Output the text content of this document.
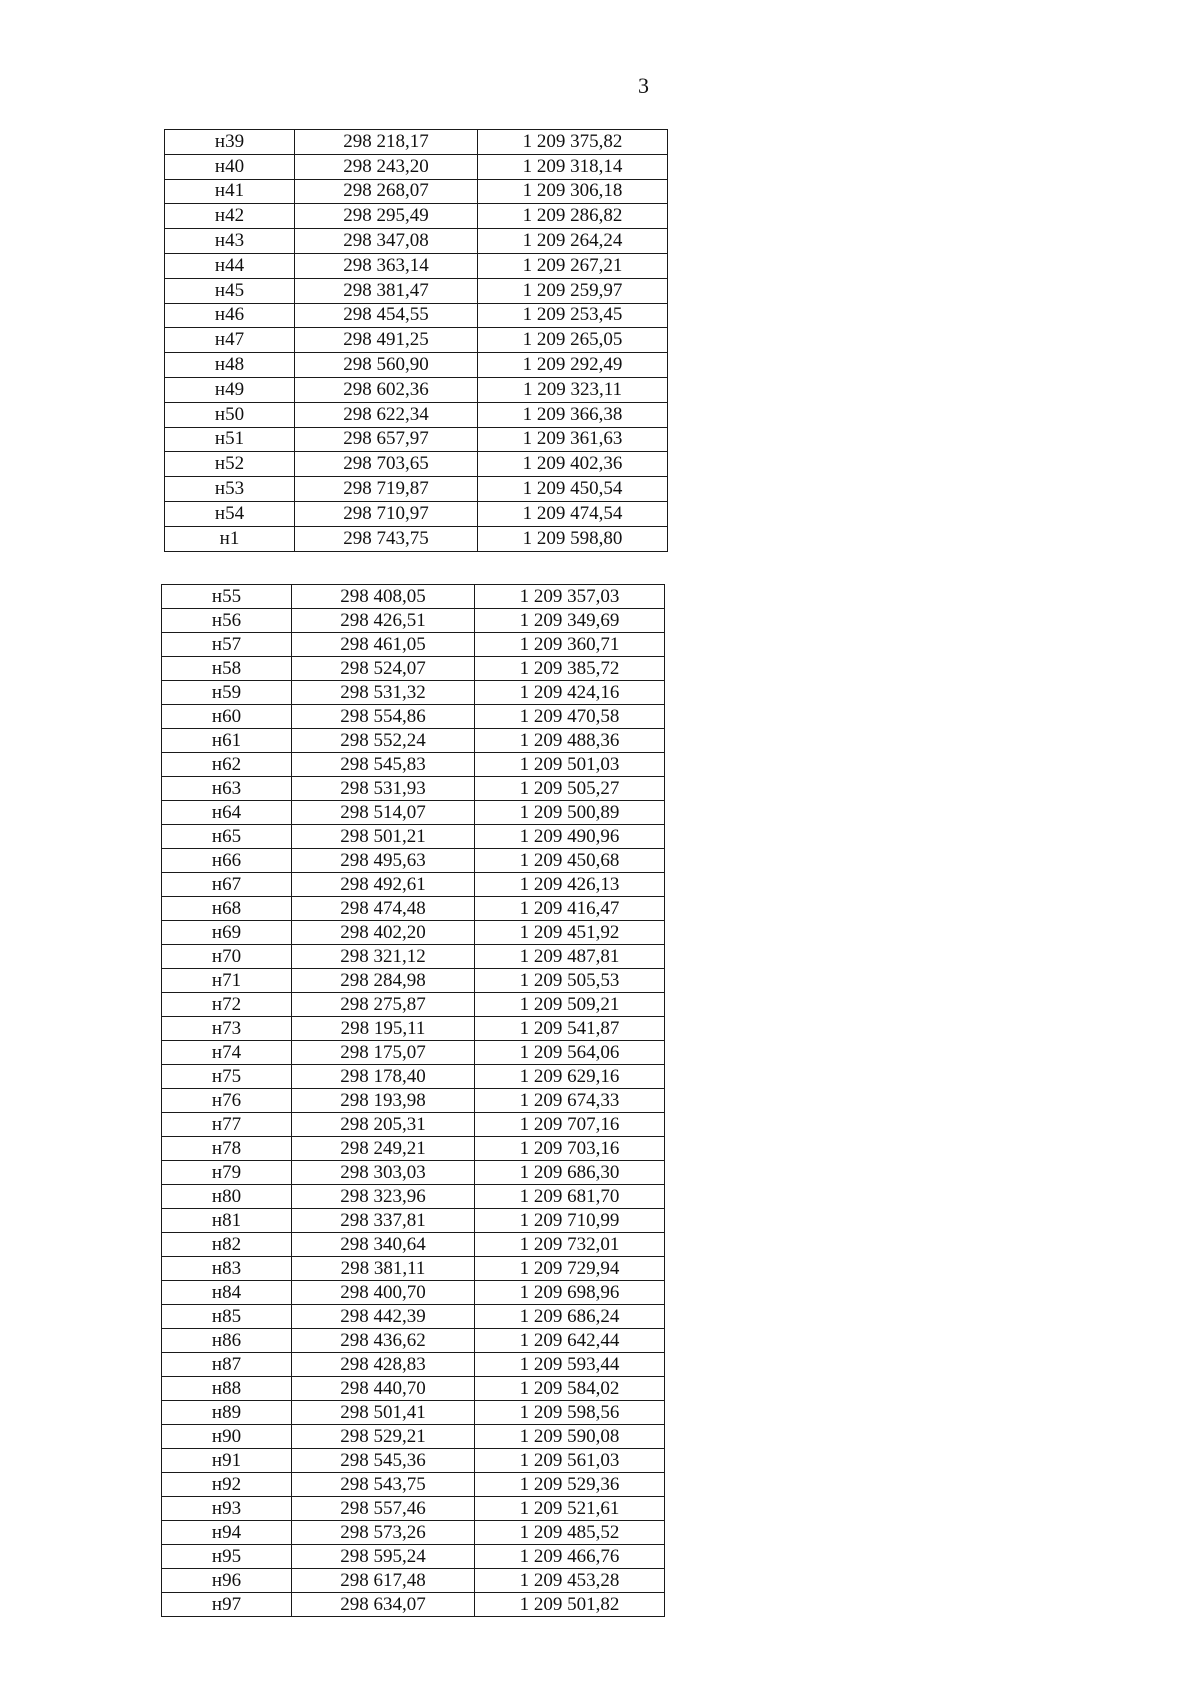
3
н39	298 218,17	1 209 375,82
н40	298 243,20	1 209 318,14
н41	298 268,07	1 209 306,18
н42	298 295,49	1 209 286,82
н43	298 347,08	1 209 264,24
н44	298 363,14	1 209 267,21
н45	298 381,47	1 209 259,97
н46	298 454,55	1 209 253,45
н47	298 491,25	1 209 265,05
н48	298 560,90	1 209 292,49
н49	298 602,36	1 209 323,11
н50	298 622,34	1 209 366,38
н51	298 657,97	1 209 361,63
н52	298 703,65	1 209 402,36
н53	298 719,87	1 209 450,54
н54	298 710,97	1 209 474,54
н1	298 743,75	1 209 598,80
н55	298 408,05	1 209 357,03
н56	298 426,51	1 209 349,69
н57	298 461,05	1 209 360,71
н58	298 524,07	1 209 385,72
н59	298 531,32	1 209 424,16
н60	298 554,86	1 209 470,58
н61	298 552,24	1 209 488,36
н62	298 545,83	1 209 501,03
н63	298 531,93	1 209 505,27
н64	298 514,07	1 209 500,89
н65	298 501,21	1 209 490,96
н66	298 495,63	1 209 450,68
н67	298 492,61	1 209 426,13
н68	298 474,48	1 209 416,47
н69	298 402,20	1 209 451,92
н70	298 321,12	1 209 487,81
н71	298 284,98	1 209 505,53
н72	298 275,87	1 209 509,21
н73	298 195,11	1 209 541,87
н74	298 175,07	1 209 564,06
н75	298 178,40	1 209 629,16
н76	298 193,98	1 209 674,33
н77	298 205,31	1 209 707,16
н78	298 249,21	1 209 703,16
н79	298 303,03	1 209 686,30
н80	298 323,96	1 209 681,70
н81	298 337,81	1 209 710,99
н82	298 340,64	1 209 732,01
н83	298 381,11	1 209 729,94
н84	298 400,70	1 209 698,96
н85	298 442,39	1 209 686,24
н86	298 436,62	1 209 642,44
н87	298 428,83	1 209 593,44
н88	298 440,70	1 209 584,02
н89	298 501,41	1 209 598,56
н90	298 529,21	1 209 590,08
н91	298 545,36	1 209 561,03
н92	298 543,75	1 209 529,36
н93	298 557,46	1 209 521,61
н94	298 573,26	1 209 485,52
н95	298 595,24	1 209 466,76
н96	298 617,48	1 209 453,28
н97	298 634,07	1 209 501,82
